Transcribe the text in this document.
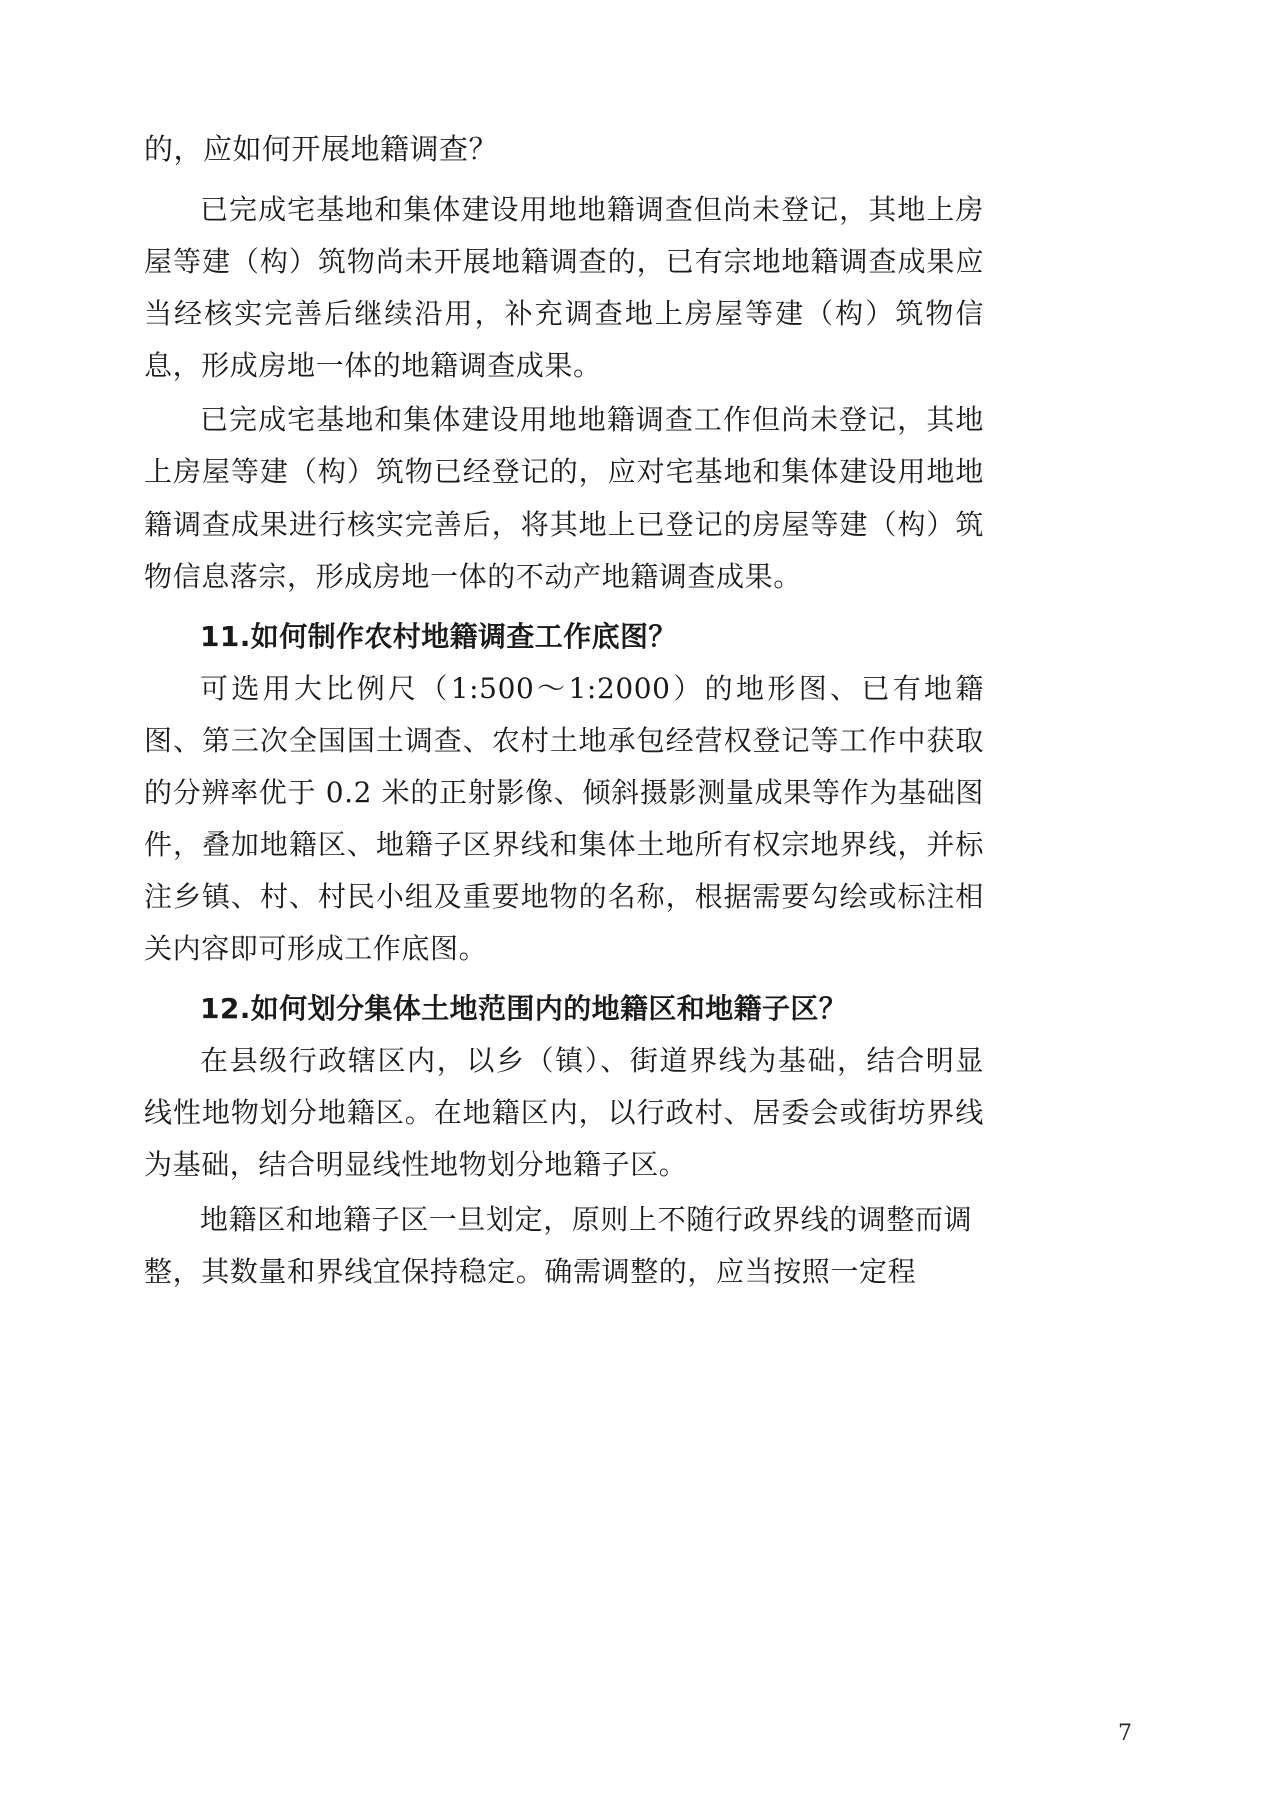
的，应如何开展地籍调查？

已完成宅基地和集体建设用地地籍调查但尚未登记，其地上房屋等建（构）筑物尚未开展地籍调查的，已有宗地地籍调查成果应当经核实完善后继续沿用，补充调查地上房屋等建（构）筑物信息，形成房地一体的地籍调查成果。

已完成宅基地和集体建设用地地籍调查工作但尚未登记，其地上房屋等建（构）筑物已经登记的，应对宅基地和集体建设用地地籍调查成果进行核实完善后，将其地上已登记的房屋等建（构）筑物信息落宗，形成房地一体的不动产地籍调查成果。

11.如何制作农村地籍调查工作底图？

可选用大比例尺（1:500～1:2000）的地形图、已有地籍图、第三次全国国土调查、农村土地承包经营权登记等工作中获取的分辨率优于 0.2 米的正射影像、倾斜摄影测量成果等作为基础图件，叠加地籍区、地籍子区界线和集体土地所有权宗地界线，并标注乡镇、村、村民小组及重要地物的名称，根据需要勾绘或标注相关内容即可形成工作底图。

12.如何划分集体土地范围内的地籍区和地籍子区？

在县级行政辖区内，以乡（镇）、街道界线为基础，结合明显线性地物划分地籍区。在地籍区内，以行政村、居委会或街坊界线为基础，结合明显线性地物划分地籍子区。

地籍区和地籍子区一旦划定，原则上不随行政界线的调整而调整，其数量和界线宜保持稳定。确需调整的，应当按照一定程

7
